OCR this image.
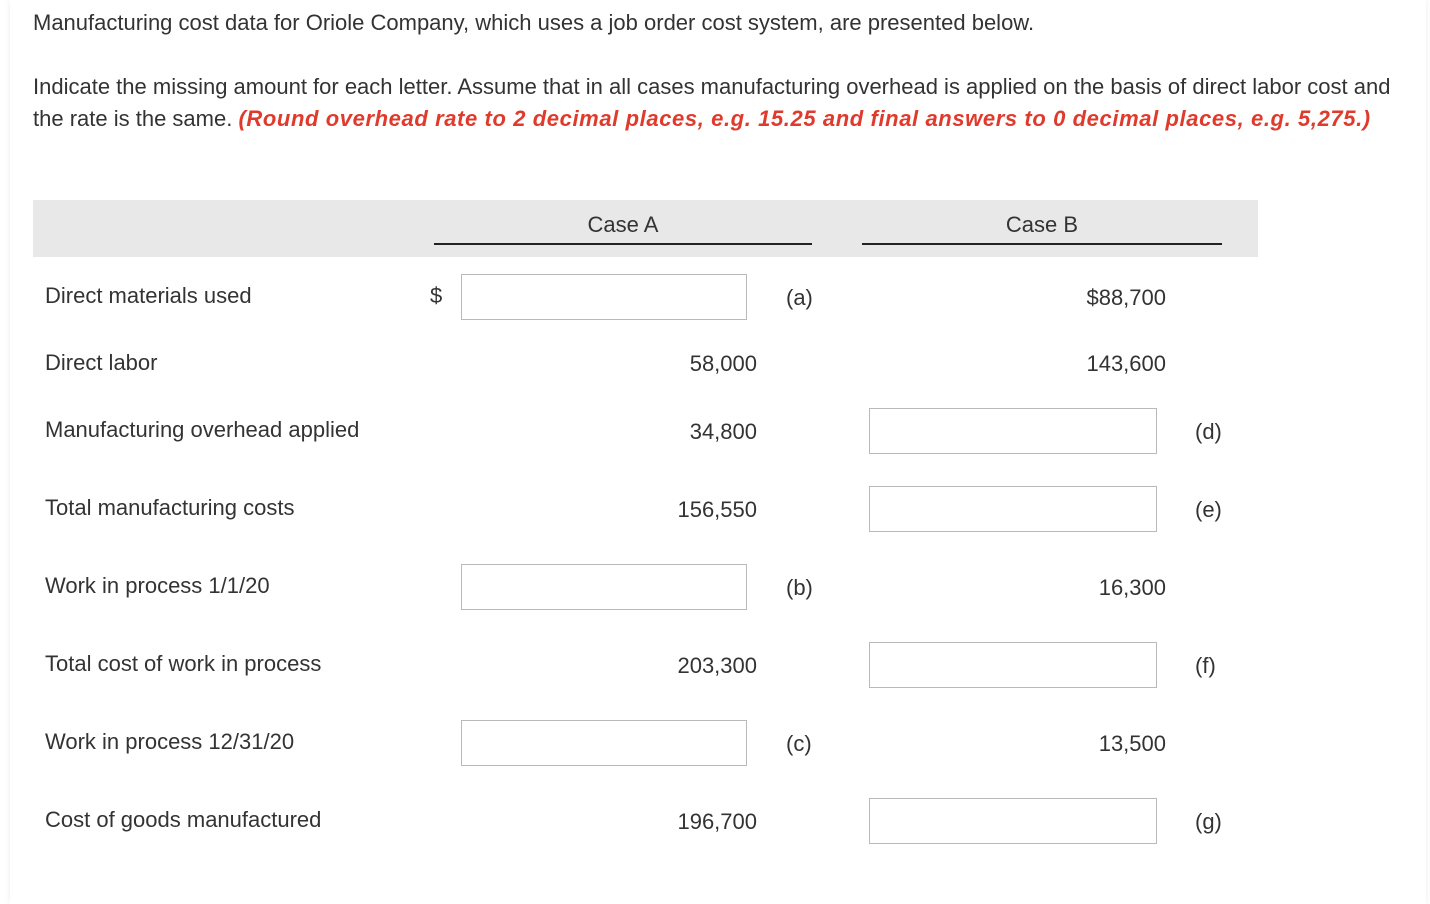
Manufacturing cost data for Oriole Company, which uses a job order cost system, are presented below.

Indicate the missing amount for each letter. Assume that in all cases manufacturing overhead is applied on the basis of direct labor cost and the rate is the same. (Round overhead rate to 2 decimal places, e.g. 15.25 and final answers to 0 decimal places, e.g. 5,275.)

Case A	Case B
Direct materials used	$	(a)	$88,700
Direct labor	58,000	143,600
Manufacturing overhead applied	34,800	(d)
Total manufacturing costs	156,550	(e)
Work in process 1/1/20	(b)	16,300
Total cost of work in process	203,300	(f)
Work in process 12/31/20	(c)	13,500
Cost of goods manufactured	196,700	(g)
